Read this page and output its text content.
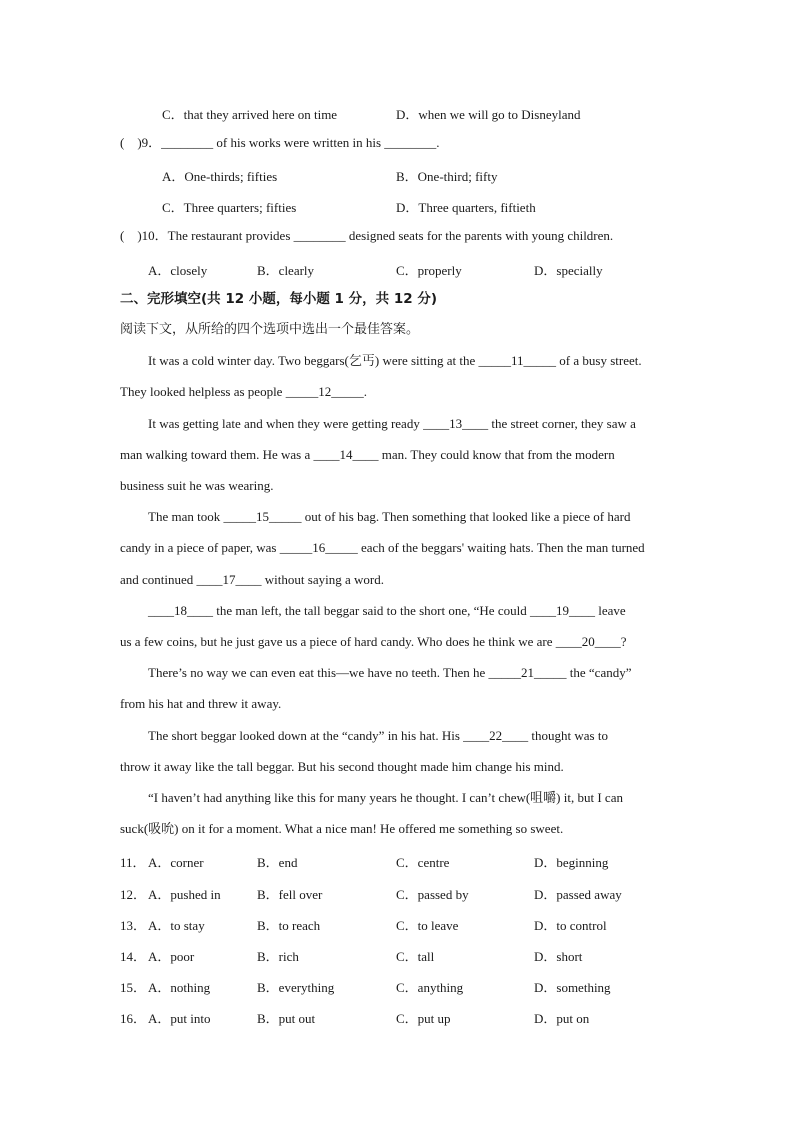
C．that they arrived here on time	D．when we will go to Disneyland
(　)9．________ of his works were written in his ________.
A．One-thirds; fifties	B．One-third; fifty
C．Three quarters; fifties	D．Three quarters, fiftieth
(　)10．The restaurant provides ________ designed seats for the parents with young children.
A．closely	B．clearly	C．properly	D．specially
二、完形填空(共 12 小题，每小题 1 分，共 12 分)
阅读下文，从所给的四个选项中选出一个最佳答案。
It was a cold winter day. Two beggars(乞丐) were sitting at the _____11_____ of a busy street.
They looked helpless as people _____12_____.
It was getting late and when they were getting ready ____13____ the street corner, they saw a
man walking toward them. He was a ____14____ man. They could know that from the modern
business suit he was wearing.
The man took _____15_____ out of his bag. Then something that looked like a piece of hard
candy in a piece of paper, was _____16_____ each of the beggars' waiting hats. Then the man turned
and continued ____17____ without saying a word.
____18____ the man left, the tall beggar said to the short one, “He could ____19____ leave
us a few coins, but he just gave us a piece of hard candy. Who does he think we are ____20____?
There’s no way we can even eat this—we have no teeth. Then he _____21_____ the “candy”
from his hat and threw it away.
The short beggar looked down at the “candy” in his hat. His ____22____ thought was to
throw it away like the tall beggar. But his second thought made him change his mind.
“I haven’t had anything like this for many years he thought. I can’t chew(咀嚼) it, but I can
suck(吸吮) on it for a moment. What a nice man! He offered me something so sweet.
11． A．corner	B．end	C．centre	D．beginning
12． A．pushed in	B．fell over	C．passed by	D．passed away
13． A．to stay	B．to reach	C．to leave	D．to control
14． A．poor	B．rich	C．tall	D．short
15． A．nothing	B．everything	C．anything	D．something
16． A．put into	B．put out	C．put up	D．put on
